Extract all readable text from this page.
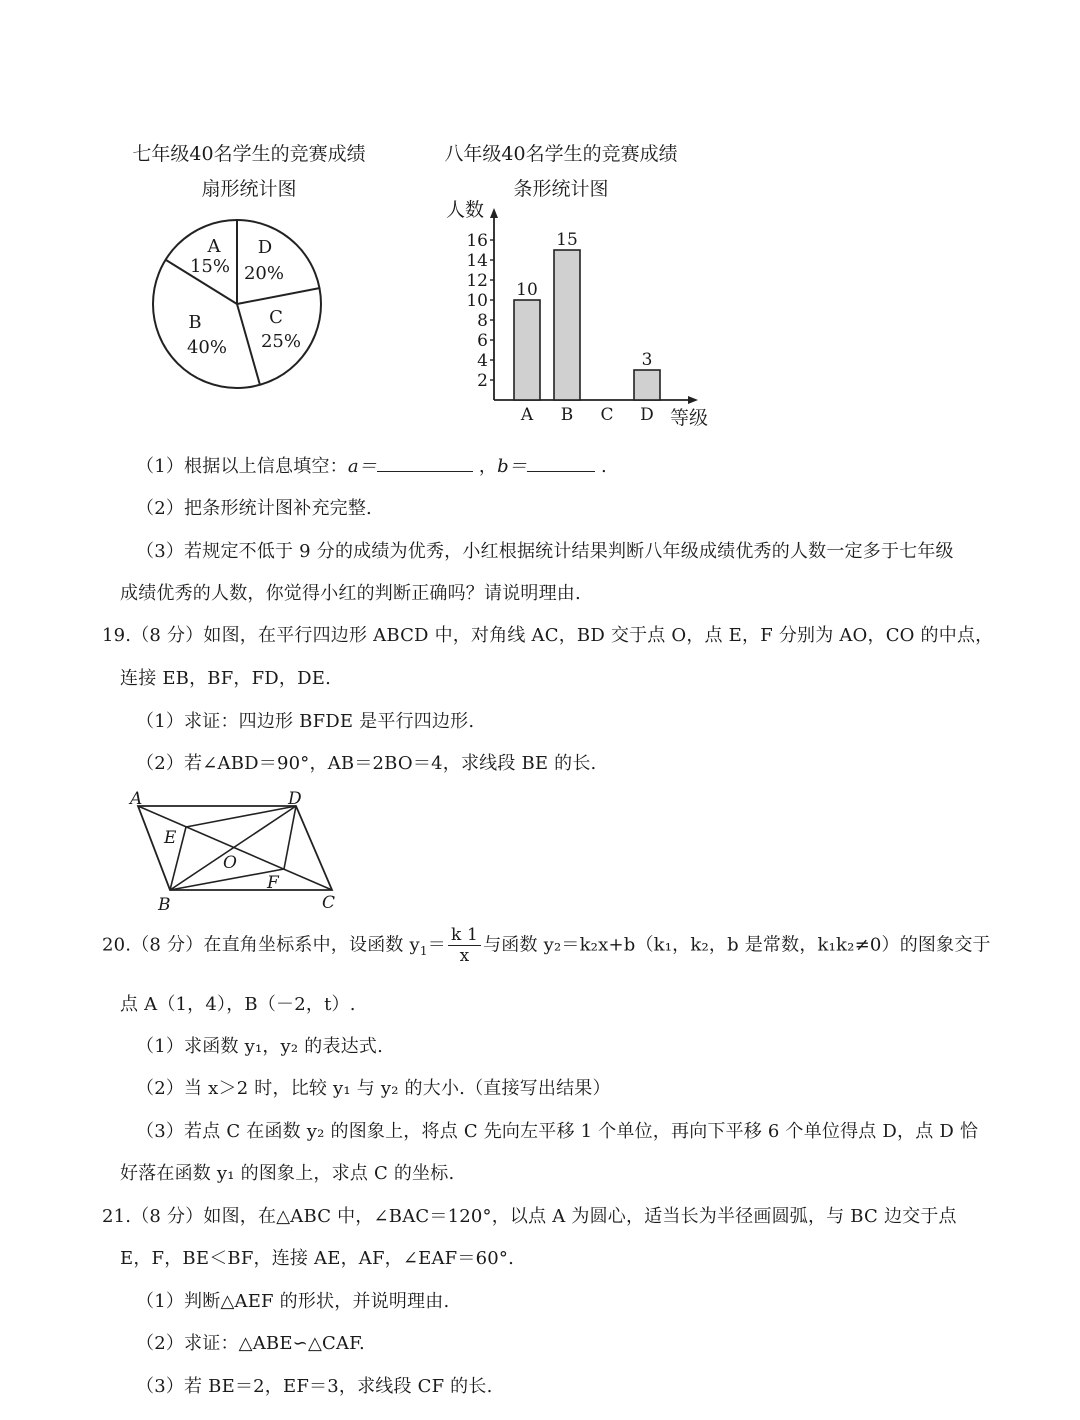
七年级40名学生的竞赛成绩
扇形统计图
A
15%
D
20%
C
25%
B
40%
八年级40名学生的竞赛成绩
条形统计图
人数
等级
2
4
6
8
10
12
14
16
10
A
15
B C
3
D
（1）根据以上信息填空：a＝	，b＝	.
（2）把条形统计图补充完整.
（3）若规定不低于 9 分的成绩为优秀，小红根据统计结果判断八年级成绩优秀的人数一定多于七年级
成绩优秀的人数，你觉得小红的判断正确吗？请说明理由.
19.（8 分）如图，在平行四边形 ABCD 中，对角线 AC，BD 交于点 O，点 E，F 分别为 AO，CO 的中点，
连接 EB，BF，FD，DE.
（1）求证：四边形 BFDE 是平行四边形.
（2）若∠ABD＝90°，AB＝2BO＝4，求线段 BE 的长.
A	D
E
O
F
B	C
20.（8 分）在直角坐标系中，设函数 $y_1= \frac{k 1}{x}$ 与函数 y₂＝k₂x+b（k₁，k₂，b 是常数，k₁k₂≠0）的图象交于
点 A（1，4），B（－2，t）.
（1）求函数 y₁，y₂ 的表达式.
（2）当 x＞2 时，比较 y₁ 与 y₂ 的大小.（直接写出结果）
（3）若点 C 在函数 y₂ 的图象上，将点 C 先向左平移 1 个单位，再向下平移 6 个单位得点 D，点 D 恰
好落在函数 y₁ 的图象上，求点 C 的坐标.
21.（8 分）如图，在△ABC 中，∠BAC＝120°，以点 A 为圆心，适当长为半径画圆弧，与 BC 边交于点
E，F，BE＜BF，连接 AE，AF，∠EAF＝60°.
（1）判断△AEF 的形状，并说明理由.
（2）求证：△ABE∽△CAF.
（3）若 BE＝2，EF＝3，求线段 CF 的长.
